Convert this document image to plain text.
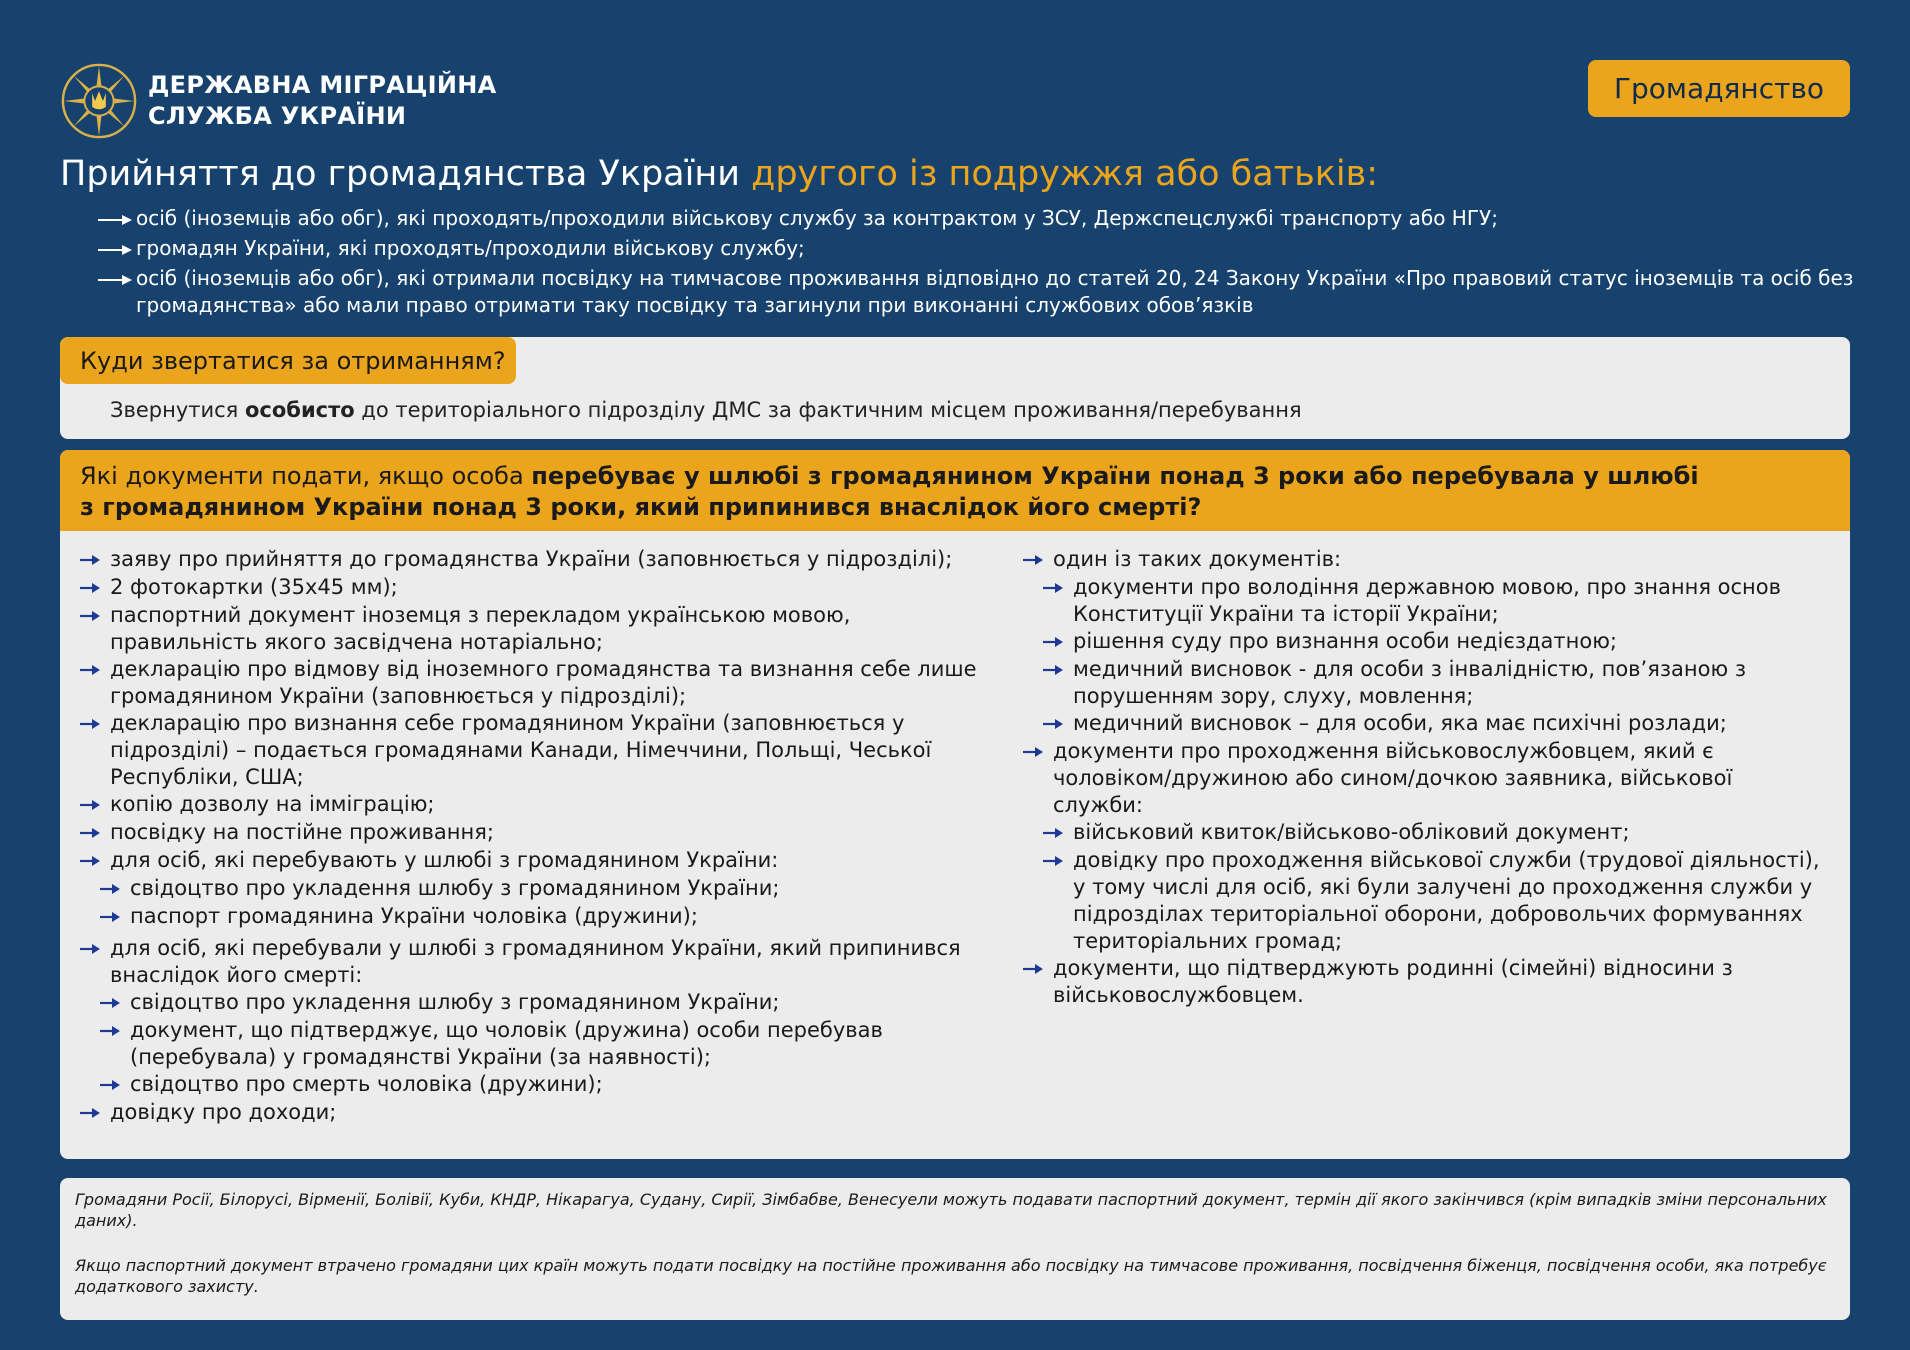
ДЕРЖАВНА МІГРАЦІЙНА
СЛУЖБА УКРАЇНИ
Громадянство
Прийняття до громадянства України другого із подружжя або батьків:
осіб (іноземців або обг), які проходять/проходили військову службу за контрактом у ЗСУ, Держспецслужбі транспорту або НГУ;
громадян України, які проходять/проходили військову службу;
осіб (іноземців або обг), які отримали посвідку на тимчасове проживання відповідно до статей 20, 24 Закону України «Про правовий статус іноземців та осіб без громадянства» або мали право отримати таку посвідку та загинули при виконанні службових обов’язків
Куди звертатися за отриманням?
Звернутися особисто до територіального підрозділу ДМС за фактичним місцем проживання/перебування
Які документи подати, якщо особа перебуває у шлюбі з громадянином України понад 3 роки або перебувала у шлюбі
з громадянином України понад 3 роки, який припинився внаслідок його смерті?
заяву про прийняття до громадянства України (заповнюється у підрозділі);
2 фотокартки (35х45 мм);
паспортний документ іноземця з перекладом українською мовою, правильність якого засвідчена нотаріально;
декларацію про відмову від іноземного громадянства та визнання себе лише громадянином України (заповнюється у підрозділі);
декларацію про визнання себе громадянином України (заповнюється у підрозділі) – подається громадянами Канади, Німеччини, Польщі, Чеської Республіки, США;
копію дозволу на імміграцію;
посвідку на постійне проживання;
для осіб, які перебувають у шлюбі з громадянином України:
свідоцтво про укладення шлюбу з громадянином України;
паспорт громадянина України чоловіка (дружини);
для осіб, які перебували у шлюбі з громадянином України, який припинився внаслідок його смерті:
свідоцтво про укладення шлюбу з громадянином України;
документ, що підтверджує, що чоловік (дружина) особи перебував (перебувала) у громадянстві України (за наявності);
свідоцтво про смерть чоловіка (дружини);
довідку про доходи;
один із таких документів:
документи про володіння державною мовою, про знання основ Конституції України та історії України;
рішення суду про визнання особи недієздатною;
медичний висновок - для особи з інвалідністю, пов’язаною з порушенням зору, слуху, мовлення;
медичний висновок – для особи, яка має психічні розлади;
документи про проходження військовослужбовцем, який є чоловіком/дружиною або сином/дочкою заявника, військової служби:
військовий квиток/військово-обліковий документ;
довідку про проходження військової служби (трудової діяльності), у тому числі для осіб, які були залучені до проходження служби у підрозділах територіальної оборони, добровольчих формуваннях територіальних громад;
документи, що підтверджують родинні (сімейні) відносини з військовослужбовцем.
Громадяни Росії, Білорусі, Вірменії, Болівії, Куби, КНДР, Нікарагуа, Судану, Сирії, Зімбабве, Венесуели можуть подавати паспортний документ, термін дії якого закінчився (крім випадків зміни персональних даних).
Якщо паспортний документ втрачено громадяни цих країн можуть подати посвідку на постійне проживання або посвідку на тимчасове проживання, посвідчення біженця, посвідчення особи, яка потребує додаткового захисту.
